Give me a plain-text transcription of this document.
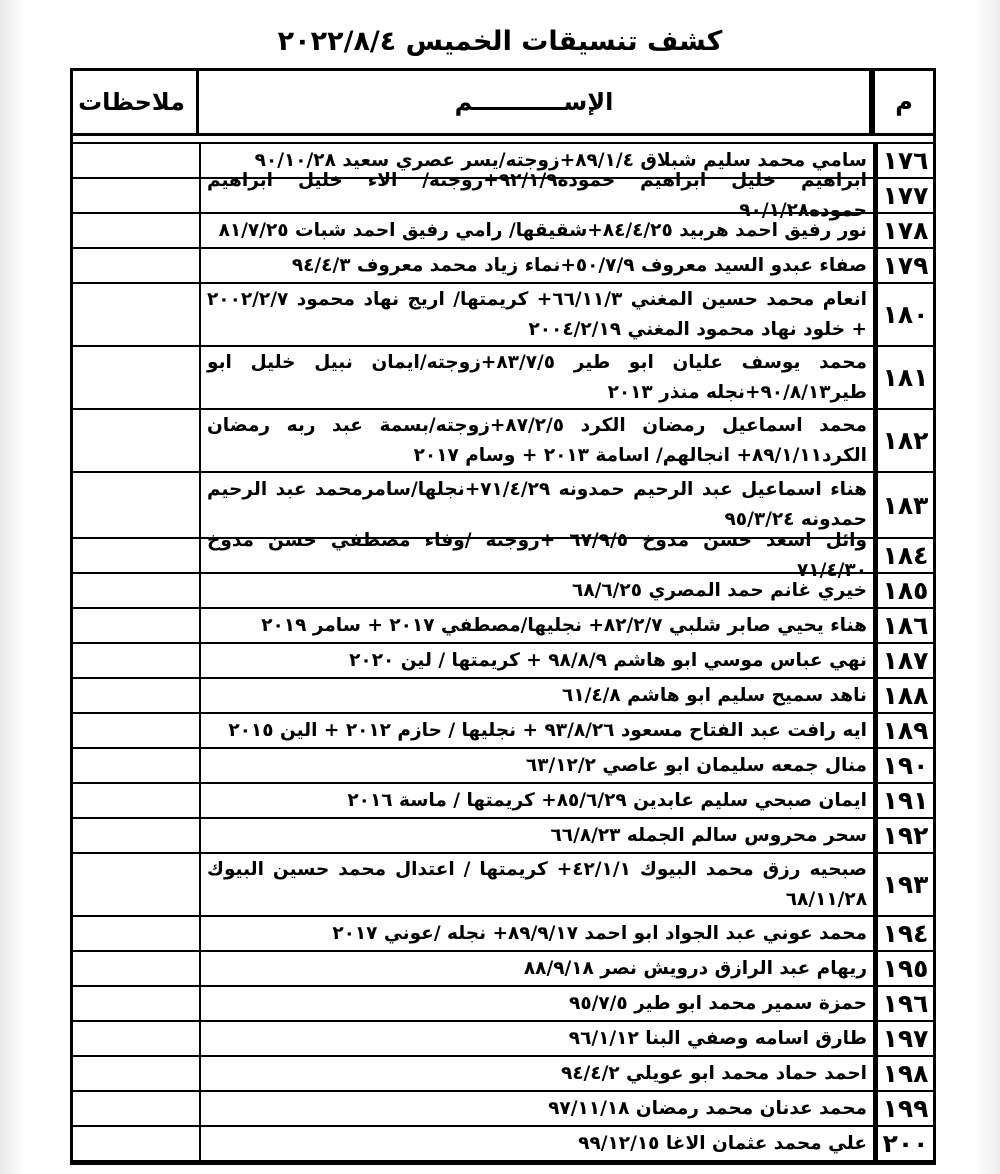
كشف تنسيقات الخميس ٢٠٢٢/٨/٤
م
الإســـــــــــم
ملاحظات
١٧٦
سامي محمد سليم شبلاق ٨٩/١/٤+زوجته/يسر عصري سعيد ٩٠/١٠/٢٨
١٧٧
ابراهيم خليل ابراهيم حموده٩٢/١/٩+زوجته/ الاء خليل ابراهيم حموده٩٠/١/٢٨
١٧٨
نور رفيق احمد هربيد ٨٤/٤/٢٥+شقيقها/ رامي رفيق احمد شبات ٨١/٧/٢٥
١٧٩
صفاء عبدو السيد معروف ٥٠/٧/٩+نماء زياد محمد معروف ٩٤/٤/٣
١٨٠
انعام محمد حسين المغني ٦٦/١١/٣+ كريمتها/ اريج نهاد محمود ٢٠٠٢/٢/٧ + خلود نهاد محمود المغني ٢٠٠٤/٢/١٩
١٨١
محمد يوسف عليان ابو طير ٨٣/٧/٥+زوجته/ايمان نبيل خليل ابو طير٩٠/٨/١٣+نجله منذر ٢٠١٣
١٨٢
محمد اسماعيل رمضان الكرد ٨٧/٢/٥+زوجته/بسمة عبد ربه رمضان الكرد٨٩/١/١١+ انجالهم/ اسامة ٢٠١٣ + وسام ٢٠١٧
١٨٣
هناء اسماعيل عبد الرحيم حمدونه ٧١/٤/٢٩+نجلها/سامرمحمد عبد الرحيم حمدونه ٩٥/٣/٢٤
١٨٤
وائل اسعد حسن مدوخ ٦٧/٩/٥ +زوجته /وفاء مصطفي حسن مدوخ ٧١/٤/٣٠
١٨٥
خيري غانم حمد المصري ٦٨/٦/٢٥
١٨٦
هناء يحيي صابر شلبي ٨٢/٢/٧+ نجليها/مصطفي ٢٠١٧ + سامر ٢٠١٩
١٨٧
نهي عباس موسي ابو هاشم ٩٨/٨/٩ + كريمتها / لين ٢٠٢٠
١٨٨
ناهد سميح سليم ابو هاشم ٦١/٤/٨
١٨٩
ايه رافت عبد الفتاح مسعود ٩٣/٨/٢٦ + نجليها / حازم ٢٠١٢ + الين ٢٠١٥
١٩٠
منال جمعه سليمان ابو عاصي ٦٣/١٢/٢
١٩١
ايمان صبحي سليم عابدين ٨٥/٦/٢٩+ كريمتها / ماسة ٢٠١٦
١٩٢
سحر محروس سالم الجمله ٦٦/٨/٢٣
١٩٣
صبحيه رزق محمد البيوك ٤٢/١/١+ كريمتها / اعتدال محمد حسين البيوك ٦٨/١١/٢٨
١٩٤
محمد عوني عبد الجواد ابو احمد ٨٩/٩/١٧+ نجله /عوني ٢٠١٧
١٩٥
ريهام عبد الرازق درويش نصر ٨٨/٩/١٨
١٩٦
حمزة سمير محمد ابو طير ٩٥/٧/٥
١٩٧
طارق اسامه وصفي البنا ٩٦/١/١٢
١٩٨
احمد حماد محمد ابو عويلي ٩٤/٤/٢
١٩٩
محمد عدنان محمد رمضان ٩٧/١١/١٨
٢٠٠
علي محمد عثمان الاغا ٩٩/١٢/١٥
